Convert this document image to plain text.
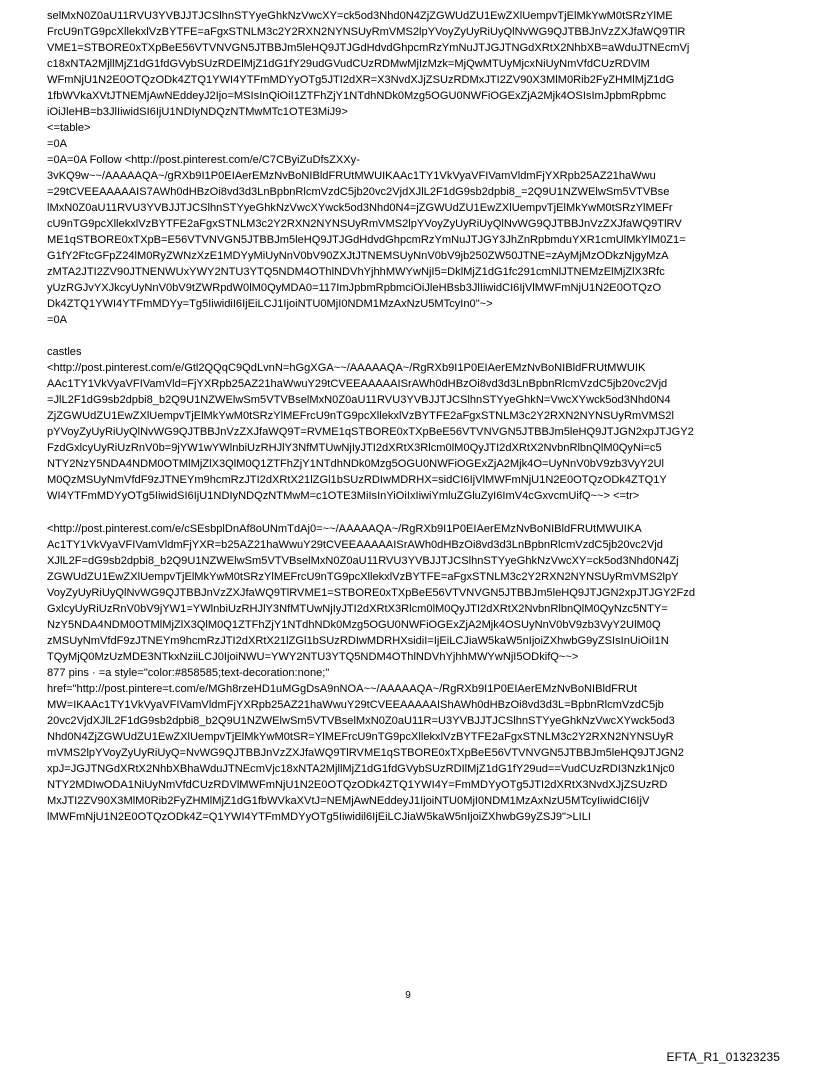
selMxN0Z0aU11RVU3YVBJJTJCSlhnSTYyeGhkNzVwcXY=ck5od3Nhd0N4ZjZGWUdZU1EwZXlUempvTjElMkYwM0tSRzYlME
FrcU9nTG9pcXllekxlVzBYTFE=aFgxSTNLM3c2Y2RXN2NYNSUyRmVMS2lpYVoyZyUyRiUyQlNvWG9QJTBBJnVzZXJfaWQ9TlR
VME1=STBORE0xTXpBeE56VTVNVGN5JTBBJm5leHQ9JTJGdHdvdGhpcmRzYmNuJTJGJTNGdXRtX2NhbXB=aWduJTNEcmVj
c18xNTA2MjllMjZ1dG1fdGVybSUzRDElMjZ1dG1fY29udGVudCUzRDMwMjIzMzk=MjQwMTUyMjcxNiUyNmVfdCUzRDVlM
WFmNjU1N2E0OTQzODk4ZTQ1YWI4YTFmMDYyOTg5JTI2dXR=X3NvdXJjZSUzRDMxJTI2ZV90X3MlM0Rib2FyZHMlMjZ1dG
1fbWVkaXVtJTNEMjAwNEddeyJ2Ijo=MSIsInQiOiI1ZTFhZjY1NTdhNDk0Mzg5OGU0NWFiOGExZjA2Mjk4OSIsImJpbmRpbmc
iOiJleHB=b3JlIiwidSI6IjU1NDIyNDQzNTMwMTc1OTE3MiJ9>
<=table>
=0A
=0A=0A Follow <http://post.pinterest.com/e/C7CByiZuDfsZXXy-
3vKQ9w~~/AAAAAQA~/gRXb9I1P0EIAerEMzNvBoNIBldFRUtMWUIKAAc1TY1VkVyaVFIVamVldmFjYXRpb25AZ21haWwu
=29tCVEEAAAAAIS7AWh0dHBzOi8vd3d3LnBpbnRlcmVzdC5jb20vc2VjdXJlL2F1dG9sb2dpbi8_=2Q9U1NZWElwSm5VTVBse
lMxN0Z0aU11RVU3YVBJJTJCSlhnSTYyeGhkNzVwcXYwck5od3Nhd0N4=jZGWUdZU1EwZXlUempvTjElMkYwM0tSRzYlMEFr
cU9nTG9pcXllekxlVzBYTFE2aFgxSTNLM3c2Y2RXN2NYNSUyRmVMS2lpYVoyZyUyRiUyQlNvWG9QJTBBJnVzZXJfaWQ9TlRV
ME1qSTBORE0xTXpB=E56VTVNVGN5JTBBJm5leHQ9JTJGdHdvdGhpcmRzYmNuJTJGY3JhZnRpbmduYXR1cmUlMkYlM0Z1=
G1fY2FtcGFpZ24lM0RyZWNzXzE1MDYyMiUyNnV0bV90ZXJtJTNEMSUyNnV0bV9jb250ZW50JTNE=zAyMjMzODkzNjgyMzA
zMTA2JTI2ZV90JTNENWUxYWY2NTU3YTQ5NDM4OThlNDVhYjhhMWYwNjI5=DklMjZ1dG1fc291cmNlJTNEMzElMjZlX3Rfc
yUzRGJvYXJkcyUyNnV0bV9tZWRpdW0lM0QyMDA0=117ImJpbmRpbmciOiJleHBsb3JlIiwidCI6IjVlMWFmNjU1N2E0OTQzO
Dk4ZTQ1YWI4YTFmMDYy=Tg5IiwidiI6IjEiLCJ1IjoiNTU0MjI0NDM1MzAxNzU5MTcyIn0"~>
=0A
castles
<http://post.pinterest.com/e/Gtl2QQqC9QdLvnN=hGgXGA~~/AAAAAQA~/RgRXb9I1P0EIAerEMzNvBoNIBldFRUtMWUIK
AAc1TY1VkVyaVFIVamVld=FjYXRpb25AZ21haWwuY29tCVEEAAAAAISrAWh0dHBzOi8vd3d3LnBpbnRlcmVzdC5jb20vc2Vjd
=JlL2F1dG9sb2dpbi8_b2Q9U1NZWElwSm5VTVBselMxN0Z0aU11RVU3YVBJJTJCSlhnSTYyeGhkN=VwcXYwck5od3Nhd0N4
ZjZGWUdZU1EwZXlUempvTjElMkYwM0tSRzYlMEFrcU9nTG9pcXllekxlVzBYTFE2aFgxSTNLM3c2Y2RXN2NYNSUyRmVMS2l
pYVoyZyUyRiUyQlNvWG9QJTBBJnVzZXJfaWQ9T=RVME1qSTBORE0xTXpBeE56VTVNVGN5JTBBJm5leHQ9JTJGN2xpJTJGY2
FzdGxlcyUyRiUzRnV0b=9jYW1wYWlnbiUzRHJlY3NfMTUwNjIyJTI2dXRtX3Rlcm0lM0QyJTI2dXRtX2NvbnRlbnQlM0QyNi=c5
NTY2NzY5NDA4NDM0OTMlMjZlX3QlM0Q1ZTFhZjY1NTdhNDk0Mzg5OGU0NWFiOGExZjA2Mjk4O=UyNnV0bV9zb3VyY2Ul
M0QzMSUyNmVfdF9zJTNEYm9hcmRzJTI2dXRtX21lZGl1bSUzRDIwMDRHX=sidCI6IjVlMWFmNjU1N2E0OTQzODk4ZTQ1Y
WI4YTFmMDYyOTg5IiwidSI6IjU1NDIyNDQzNTMwM=c1OTE3MiIsInYiOiIxIiwiYmluZGluZyI6ImV4cGxvcmUifQ~~> <=tr>
<http://post.pinterest.com/e/cSEsbplDnAf8oUNmTdAj0=~~/AAAAAQA~/RgRXb9I1P0EIAerEMzNvBoNIBldFRUtMWUIKA
Ac1TY1VkVyaVFIVamVldmFjYXR=b25AZ21haWwuY29tCVEEAAAAAISrAWh0dHBzOi8vd3d3LnBpbnRlcmVzdC5jb20vc2Vjd
XJlL2F=dG9sb2dpbi8_b2Q9U1NZWElwSm5VTVBselMxN0Z0aU11RVU3YVBJJTJCSlhnSTYyeGhkNzVwcXY=ck5od3Nhd0N4Zj
ZGWUdZU1EwZXlUempvTjElMkYwM0tSRzYlMEFrcU9nTG9pcXllekxlVzBYTFE=aFgxSTNLM3c2Y2RXN2NYNSUyRmVMS2lpY
VoyZyUyRiUyQlNvWG9QJTBBJnVzZXJfaWQ9TlRVME1=STBORE0xTXpBeE56VTVNVGN5JTBBJm5leHQ9JTJGN2xpJTJGY2Fzd
GxlcyUyRiUzRnV0bV9jYW1=YWlnbiUzRHJlY3NfMTUwNjIyJTI2dXRtX3Rlcm0lM0QyJTI2dXRtX2NvbnRlbnQlM0QyNzc5NTY=
NzY5NDA4NDM0OTMlMjZlX3QlM0Q1ZTFhZjY1NTdhNDk0Mzg5OGU0NWFiOGExZjA2Mjk4OSUyNnV0bV9zb3VyY2UlM0Q
zMSUyNmVfdF9zJTNEYm9hcmRzJTI2dXRtX21lZGl1bSUzRDIwMDRHXsidiI=IjEiLCJiaW5kaW5nIjoiZXhwbG9yZSIsInUiOiI1N
TQyMjQ0MzUzMDE3NTkxNziiLCJ0IjoiNWU=YWY2NTU3YTQ5NDM4OThlNDVhYjhhMWYwNjI5ODkifQ~~>
877 pins · =a style="color:#858585;text-decoration:none;"
href="http://post.pintere=t.com/e/MGh8rzeHD1uMGgDsA9nNOA~~/AAAAAQA~/RgRXb9I1P0EIAerEMzNvBoNIBldFRUt
MW=IKAAc1TY1VkVyaVFIVamVldmFjYXRpb25AZ21haWwuY29tCVEEAAAAAIShAWh0dHBzOi8vd3d3L=BpbnRlcmVzdC5jb
20vc2VjdXJlL2F1dG9sb2dpbi8_b2Q9U1NZWElwSm5VTVBselMxN0Z0aU11R=U3YVBJJTJCSlhnSTYyeGhkNzVwcXYwck5od3
Nhd0N4ZjZGWUdZU1EwZXlUempvTjElMkYwM0tSR=YlMEFrcU9nTG9pcXllekxlVzBYTFE2aFgxSTNLM3c2Y2RXN2NYNSUyR
mVMS2lpYVoyZyUyRiUyQ=NvWG9QJTBBJnVzZXJfaWQ9TlRVME1qSTBORE0xTXpBeE56VTVNVGN5JTBBJm5leHQ9JTJGN2
xpJ=JGJTNGdXRtX2NhbXBhaWduJTNEcmVjc18xNTA2MjllMjZ1dG1fdGVybSUzRDIlMjZ1dG1fY29ud==VudCUzRDI3Nzk1Njc0
NTY2MDIwODA1NiUyNmVfdCUzRDVlMWFmNjU1N2E0OTQzODk4ZTQ1YWI4Y=FmMDYyOTg5JTI2dXRtX3NvdXJjZSUzRD
MxJTI2ZV90X3MlM0Rib2FyZHMlMjZ1dG1fbWVkaXVtJ=NEMjAwNEddeyJ1IjoiNTU0MjI0NDM1MzAxNzU5MTcyIiwidCI6IjV
lMWFmNjU1N2E0OTQzODk4Z=Q1YWI4YTFmMDYyOTg5Iiwidil6IjEiLCJiaW5kaW5nIjoiZXhwbG9yZSJ9">LILI
9
EFTA_R1_01323235
